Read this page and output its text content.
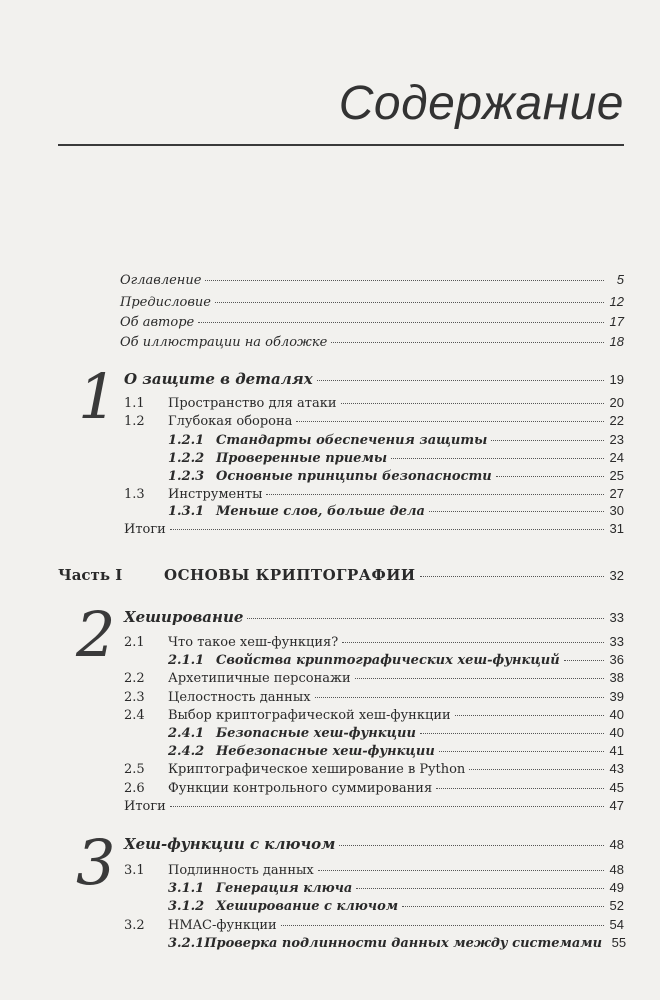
Содержание
Оглавление	5
Предисловие	12
Об авторе	17
Об иллюстрации на обложке	18
1 О защите в деталях	19
1.1	Пространство для атаки	20
1.2	Глубокая оборона	22
1.2.1 Стандарты обеспечения защиты	23
1.2.2 Проверенные приемы	24
1.2.3 Основные принципы безопасности	25
1.3	Инструменты	27
1.3.1 Меньше слов, больше дела	30
Итоги	31
Часть I	ОСНОВЫ КРИПТОГРАФИИ	32
2 Хеширование	33
2.1	Что такое хеш-функция?	33
2.1.1 Свойства криптографических хеш-функций	36
2.2	Архетипичные персонажи	38
2.3	Целостность данных	39
2.4	Выбор криптографической хеш-функции	40
2.4.1 Безопасные хеш-функции	40
2.4.2 Небезопасные хеш-функции	41
2.5	Криптографическое хеширование в Python	43
2.6	Функции контрольного суммирования	45
Итоги	47
3 Хеш-функции с ключом	48
3.1	Подлинность данных	48
3.1.1 Генерация ключа	49
3.1.2 Хеширование с ключом	52
3.2	HMAC-функции	54
3.2.1 Проверка подлинности данных между системами 55
